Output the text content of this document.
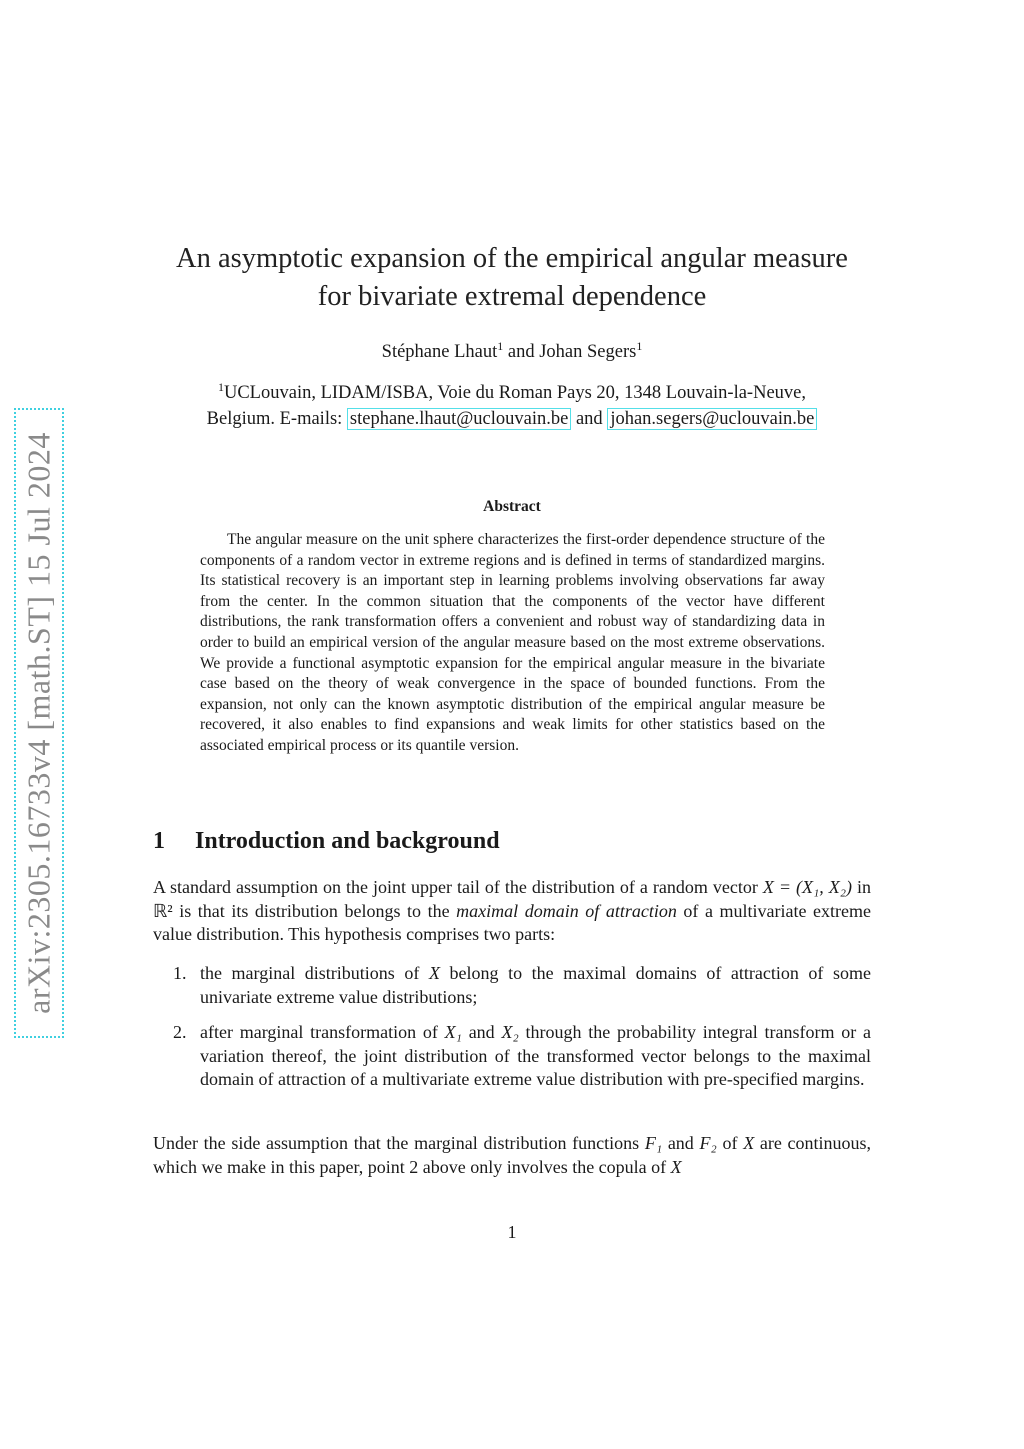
arXiv:2305.16733v4 [math.ST] 15 Jul 2024
An asymptotic expansion of the empirical angular measure
for bivariate extremal dependence
Stéphane Lhaut$^1$ and Johan Segers$^1$
$^1$UCLouvain, LIDAM/ISBA, Voie du Roman Pays 20, 1348 Louvain-la-Neuve,
Belgium. E-mails: stephane.lhaut@uclouvain.be and johan.segers@uclouvain.be
Abstract

The angular measure on the unit sphere characterizes the first-order dependence structure of the components of a random vector in extreme regions and is defined in terms of standardized margins. Its statistical recovery is an important step in learning problems involving observations far away from the center. In the common situation that the components of the vector have different distributions, the rank transformation offers a convenient and robust way of standardizing data in order to build an empirical version of the angular measure based on the most extreme observations. We provide a functional asymptotic expansion for the empirical angular measure in the bivariate case based on the theory of weak convergence in the space of bounded functions. From the expansion, not only can the known asymptotic distribution of the empirical angular measure be recovered, it also enables to find expansions and weak limits for other statistics based on the associated empirical process or its quantile version.

1 Introduction and background

A standard assumption on the joint upper tail of the distribution of a random vector X = (X₁, X₂) in ℝ² is that its distribution belongs to the maximal domain of attraction of a multivariate extreme value distribution. This hypothesis comprises two parts:

1. the marginal distributions of X belong to the maximal domains of attraction of some univariate extreme value distributions;
2. after marginal transformation of X₁ and X₂ through the probability integral transform or a variation thereof, the joint distribution of the transformed vector belongs to the maximal domain of attraction of a multivariate extreme value distribution with pre-specified margins.

Under the side assumption that the marginal distribution functions F₁ and F₂ of X are continuous, which we make in this paper, point 2 above only involves the copula of X

1
